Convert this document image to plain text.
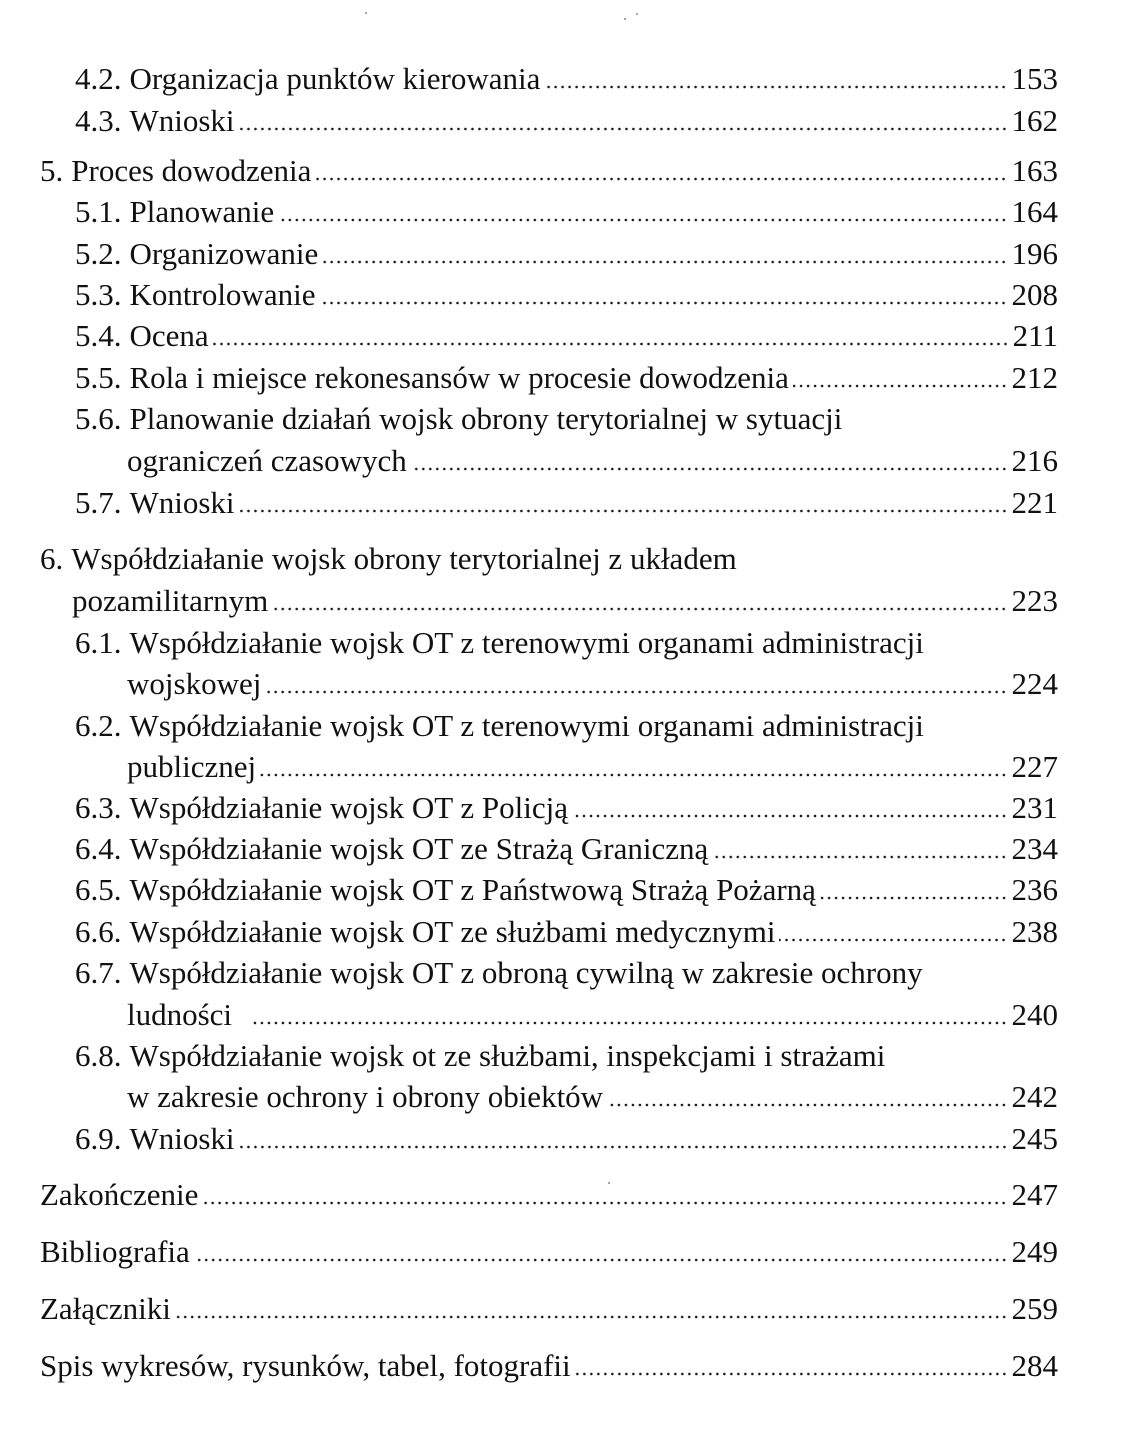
4.2. Organizacja punktów kierowania	153
4.3. Wnioski	162
5. Proces dowodzenia	163
5.1. Planowanie	164
5.2. Organizowanie	196
5.3. Kontrolowanie	208
5.4. Ocena	211
5.5. Rola i miejsce rekonesansów w procesie dowodzenia	212
5.6. Planowanie działań wojsk obrony terytorialnej w sytuacji
ograniczeń czasowych	216
5.7. Wnioski	221
6. Współdziałanie wojsk obrony terytorialnej z układem
pozamilitarnym	223
6.1. Współdziałanie wojsk OT z terenowymi organami administracji
wojskowej	224
6.2. Współdziałanie wojsk OT z terenowymi organami administracji
publicznej	227
6.3. Współdziałanie wojsk OT z Policją	231
6.4. Współdziałanie wojsk OT ze Strażą Graniczną	234
6.5. Współdziałanie wojsk OT z Państwową Strażą Pożarną	236
6.6. Współdziałanie wojsk OT ze służbami medycznymi	238
6.7. Współdziałanie wojsk OT z obroną cywilną w zakresie ochrony
ludności	240
6.8. Współdziałanie wojsk ot ze służbami, inspekcjami i strażami
w zakresie ochrony i obrony obiektów	242
6.9. Wnioski	245
Zakończenie	247
Bibliografia	249
Załączniki	259
Spis wykresów, rysunków, tabel, fotografii	284
